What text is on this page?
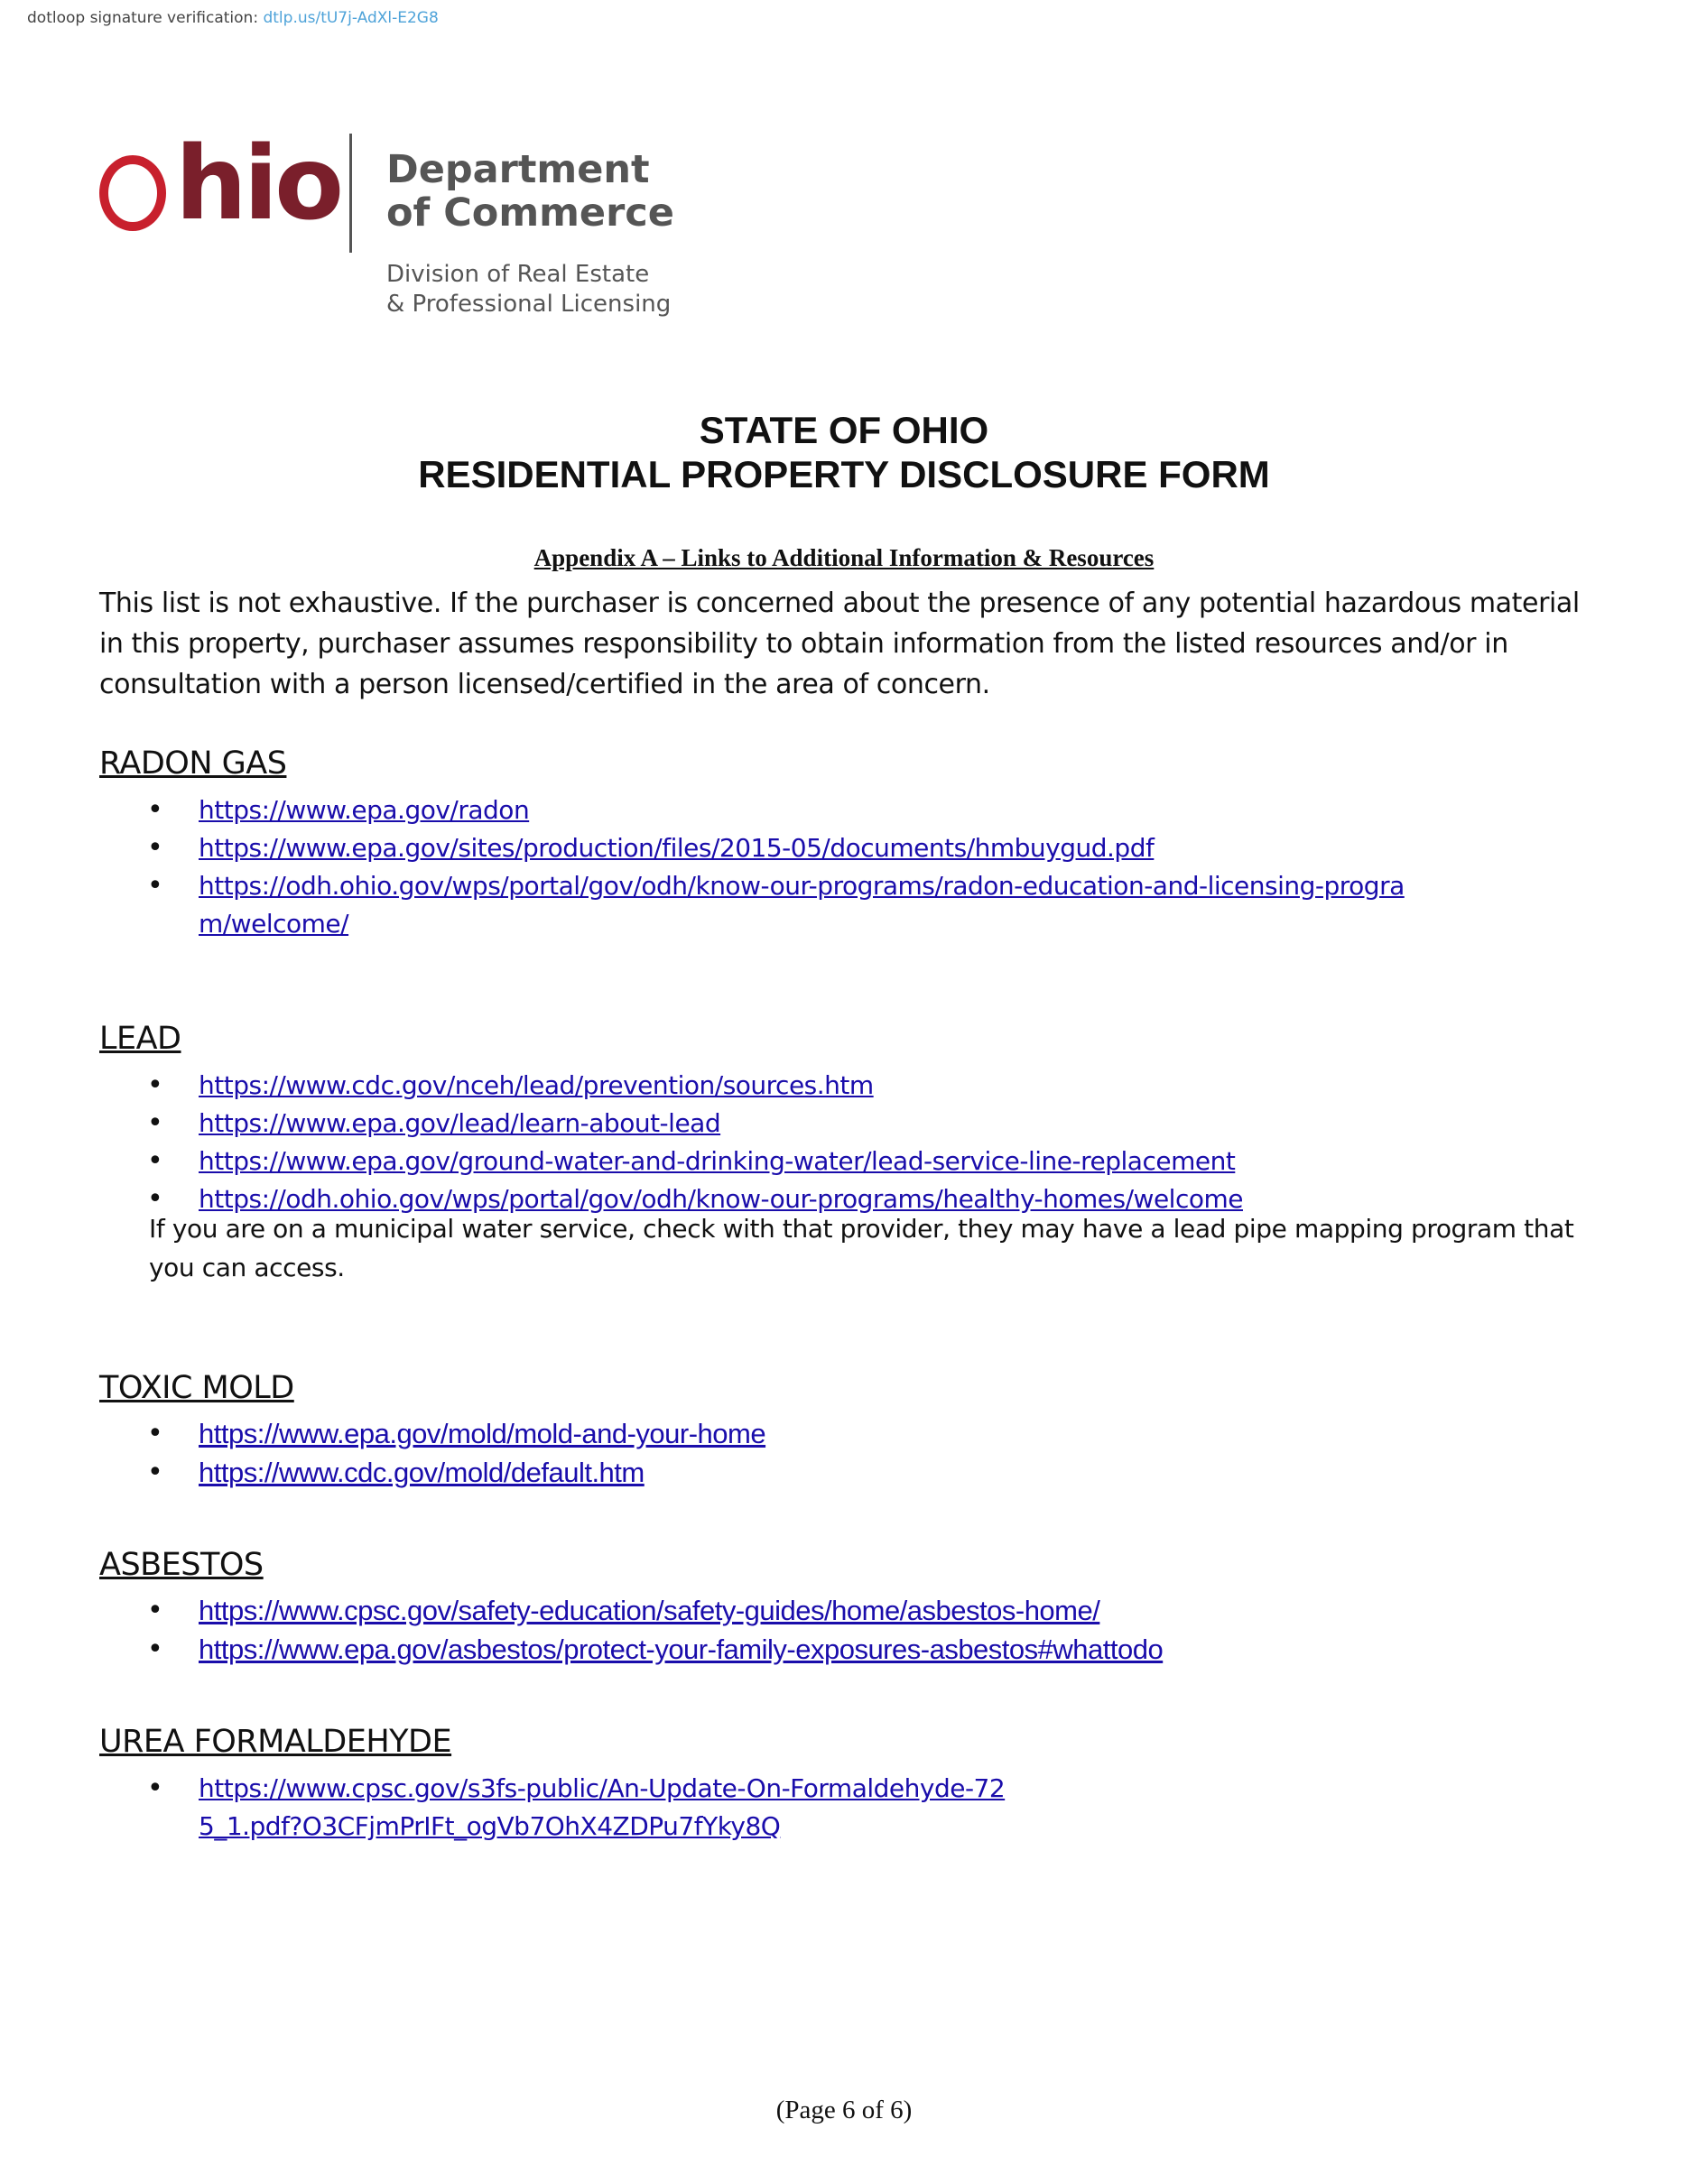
dotloop signature verification: dtlp.us/tU7j-AdXl-E2G8
hio Department
of Commerce
Division of Real Estate
& Professional Licensing
STATE OF OHIO
RESIDENTIAL PROPERTY DISCLOSURE FORM
Appendix A – Links to Additional Information & Resources
This list is not exhaustive. If the purchaser is concerned about the presence of any potential hazardous material in this property, purchaser assumes responsibility to obtain information from the listed resources and/or in consultation with a person licensed/certified in the area of concern.
RADON GAS
• https://www.epa.gov/radon
• https://www.epa.gov/sites/production/files/2015-05/documents/hmbuygud.pdf
• https://odh.ohio.gov/wps/portal/gov/odh/know-our-programs/radon-education-and-licensing-program/welcome/
LEAD
• https://www.cdc.gov/nceh/lead/prevention/sources.htm
• https://www.epa.gov/lead/learn-about-lead
• https://www.epa.gov/ground-water-and-drinking-water/lead-service-line-replacement
• https://odh.ohio.gov/wps/portal/gov/odh/know-our-programs/healthy-homes/welcome
If you are on a municipal water service, check with that provider, they may have a lead pipe mapping program that you can access.
TOXIC MOLD
• https://www.epa.gov/mold/mold-and-your-home
• https://www.cdc.gov/mold/default.htm
ASBESTOS
• https://www.cpsc.gov/safety-education/safety-guides/home/asbestos-home/
• https://www.epa.gov/asbestos/protect-your-family-exposures-asbestos#whattodo
UREA FORMALDEHYDE
• https://www.cpsc.gov/s3fs-public/An-Update-On-Formaldehyde-725_1.pdf?O3CFjmPrIFt_ogVb7OhX4ZDPu7fYky8Q
(Page 6 of 6)
